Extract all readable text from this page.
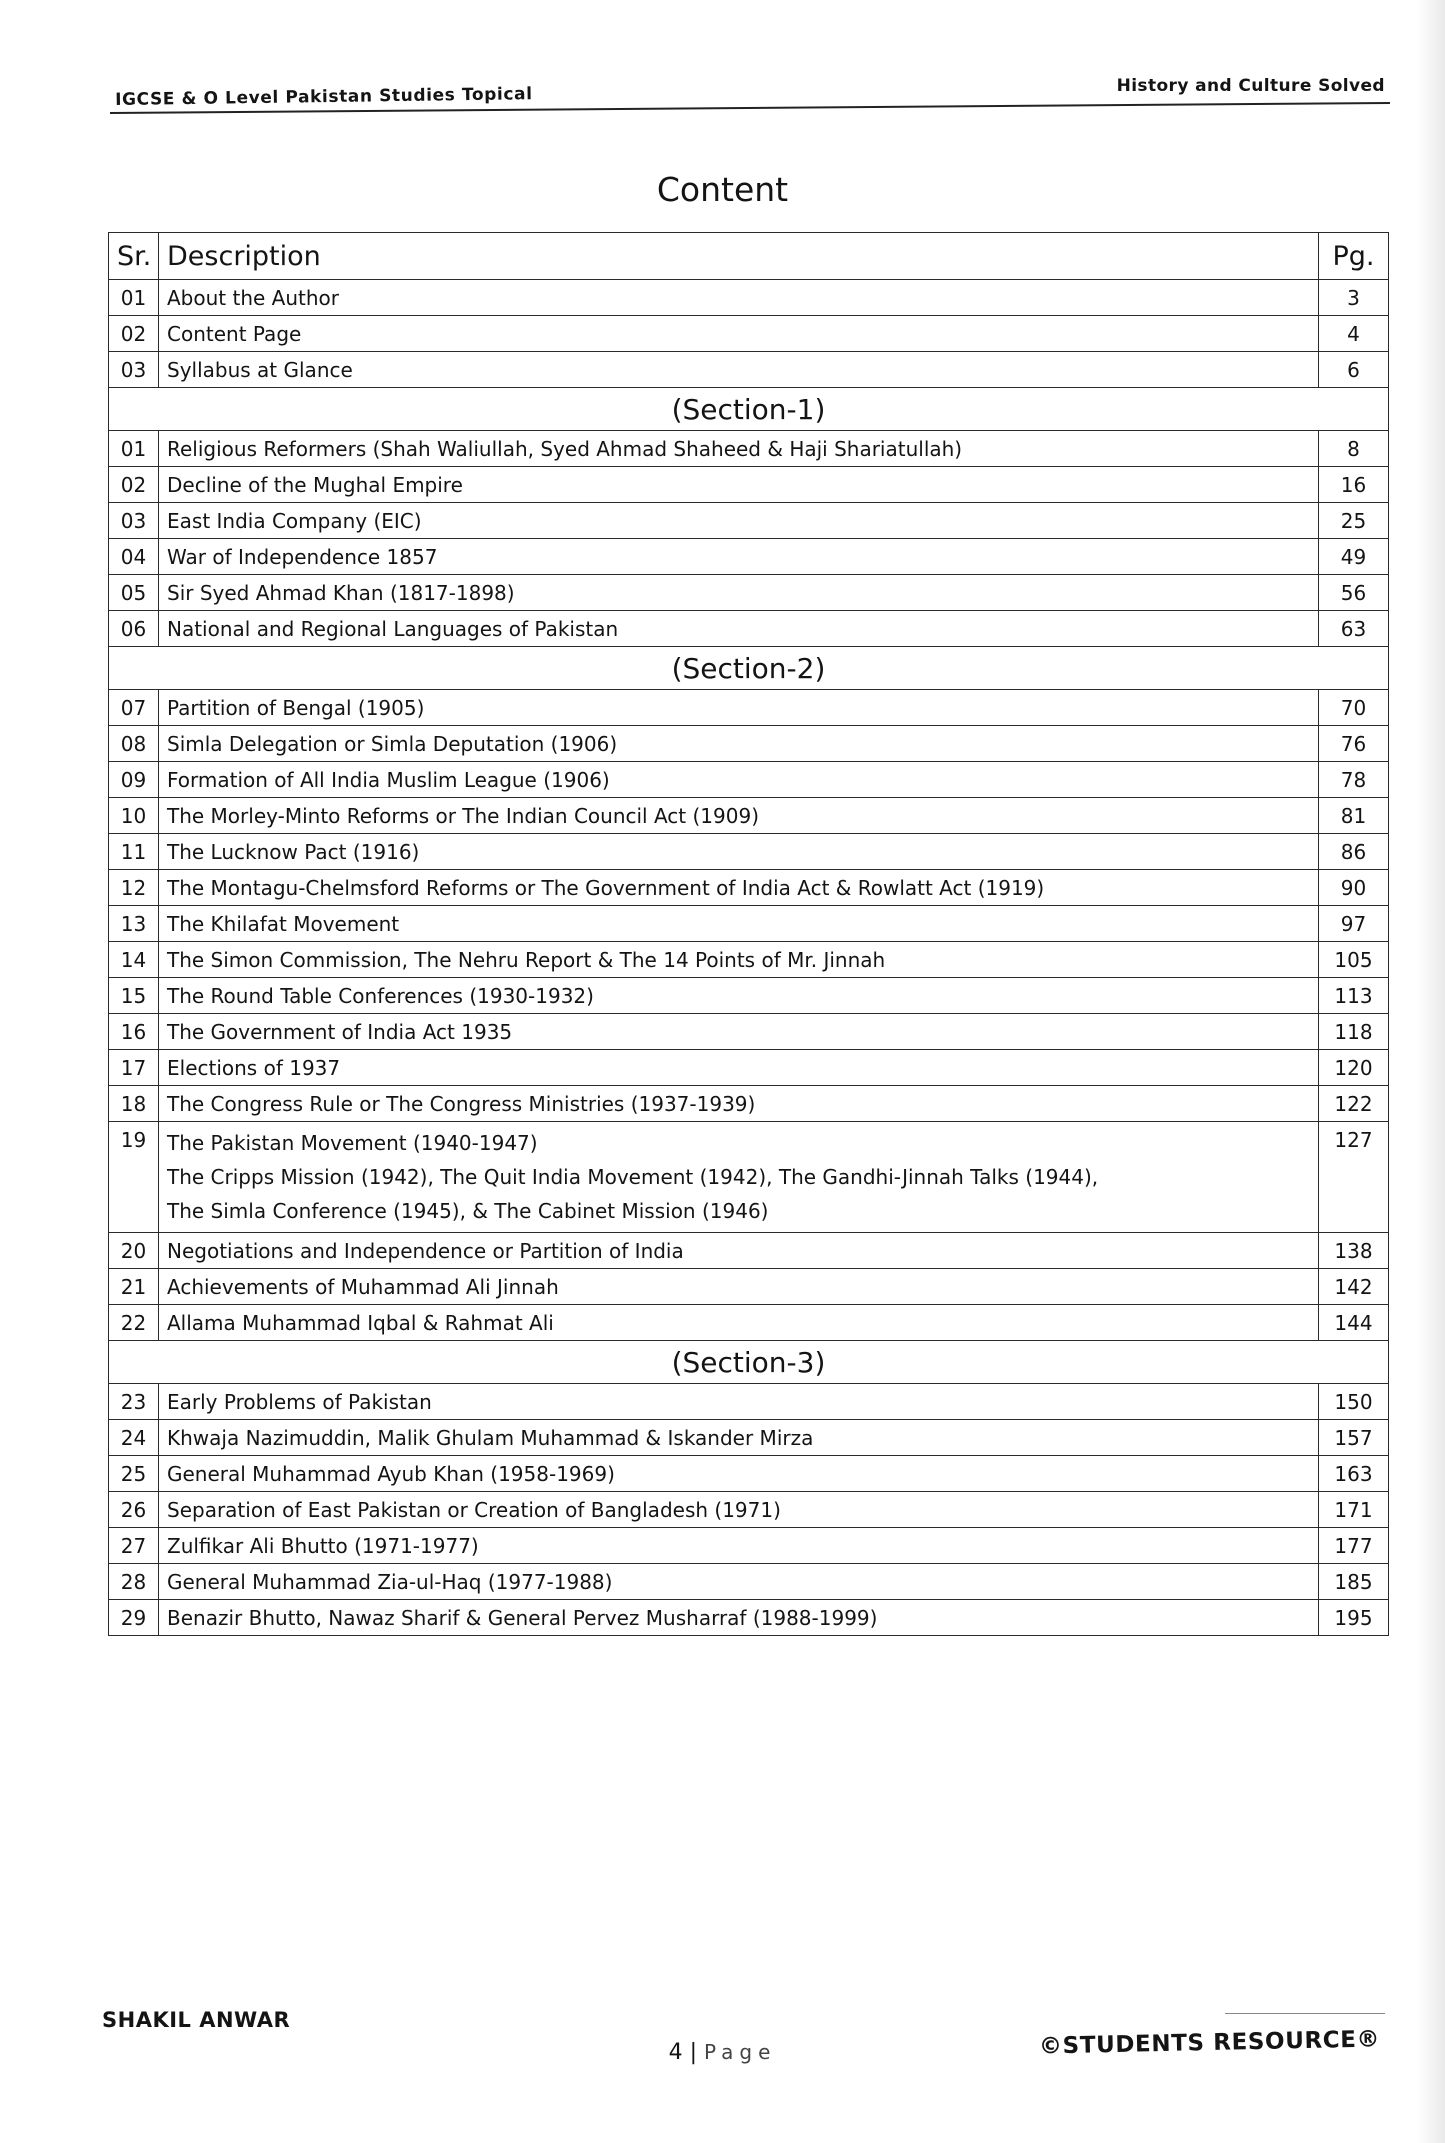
IGCSE & O Level Pakistan Studies Topical	History and Culture Solved
Content
Sr.	Description	Pg.
01	About the Author	3
02	Content Page	4
03	Syllabus at Glance	6
(Section-1)		
01	Religious Reformers (Shah Waliullah, Syed Ahmad Shaheed & Haji Shariatullah)	8
02	Decline of the Mughal Empire	16
03	East India Company (EIC)	25
04	War of Independence 1857	49
05	Sir Syed Ahmad Khan (1817-1898)	56
06	National and Regional Languages of Pakistan	63
(Section-2)		
07	Partition of Bengal (1905)	70
08	Simla Delegation or Simla Deputation (1906)	76
09	Formation of All India Muslim League (1906)	78
10	The Morley-Minto Reforms or The Indian Council Act (1909)	81
11	The Lucknow Pact (1916)	86
12	The Montagu-Chelmsford Reforms or The Government of India Act & Rowlatt Act (1919)	90
13	The Khilafat Movement	97
14	The Simon Commission, The Nehru Report & The 14 Points of Mr. Jinnah	105
15	The Round Table Conferences (1930-1932)	113
16	The Government of India Act 1935	118
17	Elections of 1937	120
18	The Congress Rule or The Congress Ministries (1937-1939)	122
19	The Pakistan Movement (1940-1947)
The Cripps Mission (1942), The Quit India Movement (1942), The Gandhi-Jinnah Talks (1944),
The Simla Conference (1945), & The Cabinet Mission (1946)	127
20	Negotiations and Independence or Partition of India	138
21	Achievements of Muhammad Ali Jinnah	142
22	Allama Muhammad Iqbal & Rahmat Ali	144
(Section-3)		
23	Early Problems of Pakistan	150
24	Khwaja Nazimuddin, Malik Ghulam Muhammad & Iskander Mirza	157
25	General Muhammad Ayub Khan (1958-1969)	163
26	Separation of East Pakistan or Creation of Bangladesh (1971)	171
27	Zulfikar Ali Bhutto (1971-1977)	177
28	General Muhammad Zia-ul-Haq (1977-1988)	185
29	Benazir Bhutto, Nawaz Sharif & General Pervez Musharraf (1988-1999)	195
SHAKIL ANWAR
4 | Page	©STUDENTS RESOURCE®
